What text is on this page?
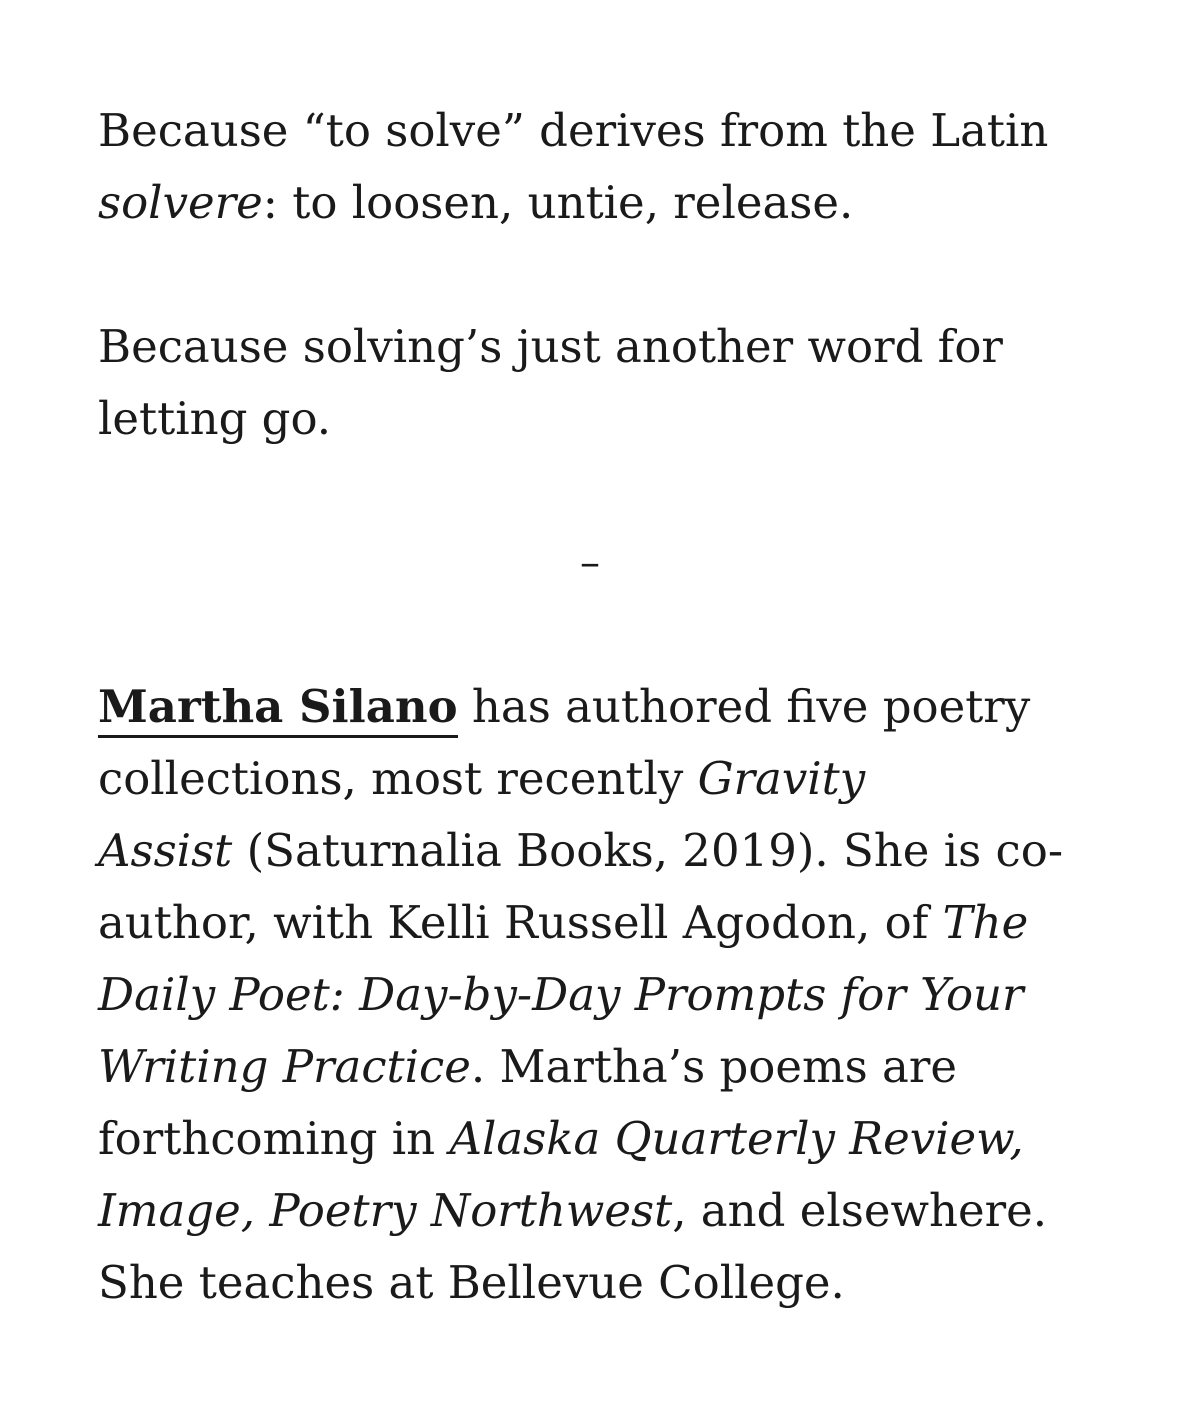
Because “to solve” derives from the Latin
solvere: to loosen, untie, release.
Because solving’s just another word for
letting go.
–
Martha Silano has authored five poetry
collections, most recently Gravity
Assist (Saturnalia Books, 2019). She is co-
author, with Kelli Russell Agodon, of The
Daily Poet: Day-by-Day Prompts for Your
Writing Practice. Martha’s poems are
forthcoming in Alaska Quarterly Review,
Image, Poetry Northwest, and elsewhere.
She teaches at Bellevue College.
